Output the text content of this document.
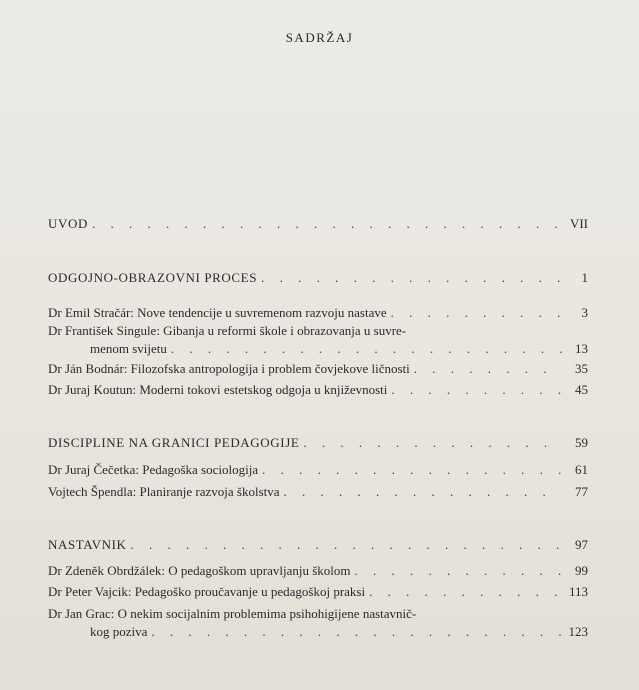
SADRŽAJ
UVOD . . .	VII
ODGOJNO-OBRAZOVNI PROCES . . .	1
Dr Emil Stračár: Nove tendencije u suvremenom razvoju nastave . . .	3
Dr František Singule: Gibanja u reformi škole i obrazovanja u suvre-
menom svijetu . . .	13
Dr Ján Bodnár: Filozofska antropologija i problem čovjekove ličnosti . . .	35
Dr Juraj Koutun: Moderni tokovi estetskog odgoja u književnosti . . .	45
DISCIPLINE NA GRANICI PEDAGOGIJE . . .	59
Dr Juraj Čečetka: Pedagoška sociologija . . .	61
Vojtech Špendla: Planiranje razvoja školstva . . .	77
NASTAVNIK . . .	97
Dr Zdeněk Obrdžálek: O pedagoškom upravljanju školom . . .	99
Dr Peter Vajcik: Pedagoško proučavanje u pedagoškoj praksi . . .	113
Dr Jan Grac: O nekim socijalnim problemima psihohigijene nastavnič-
kog poziva . . .	123
